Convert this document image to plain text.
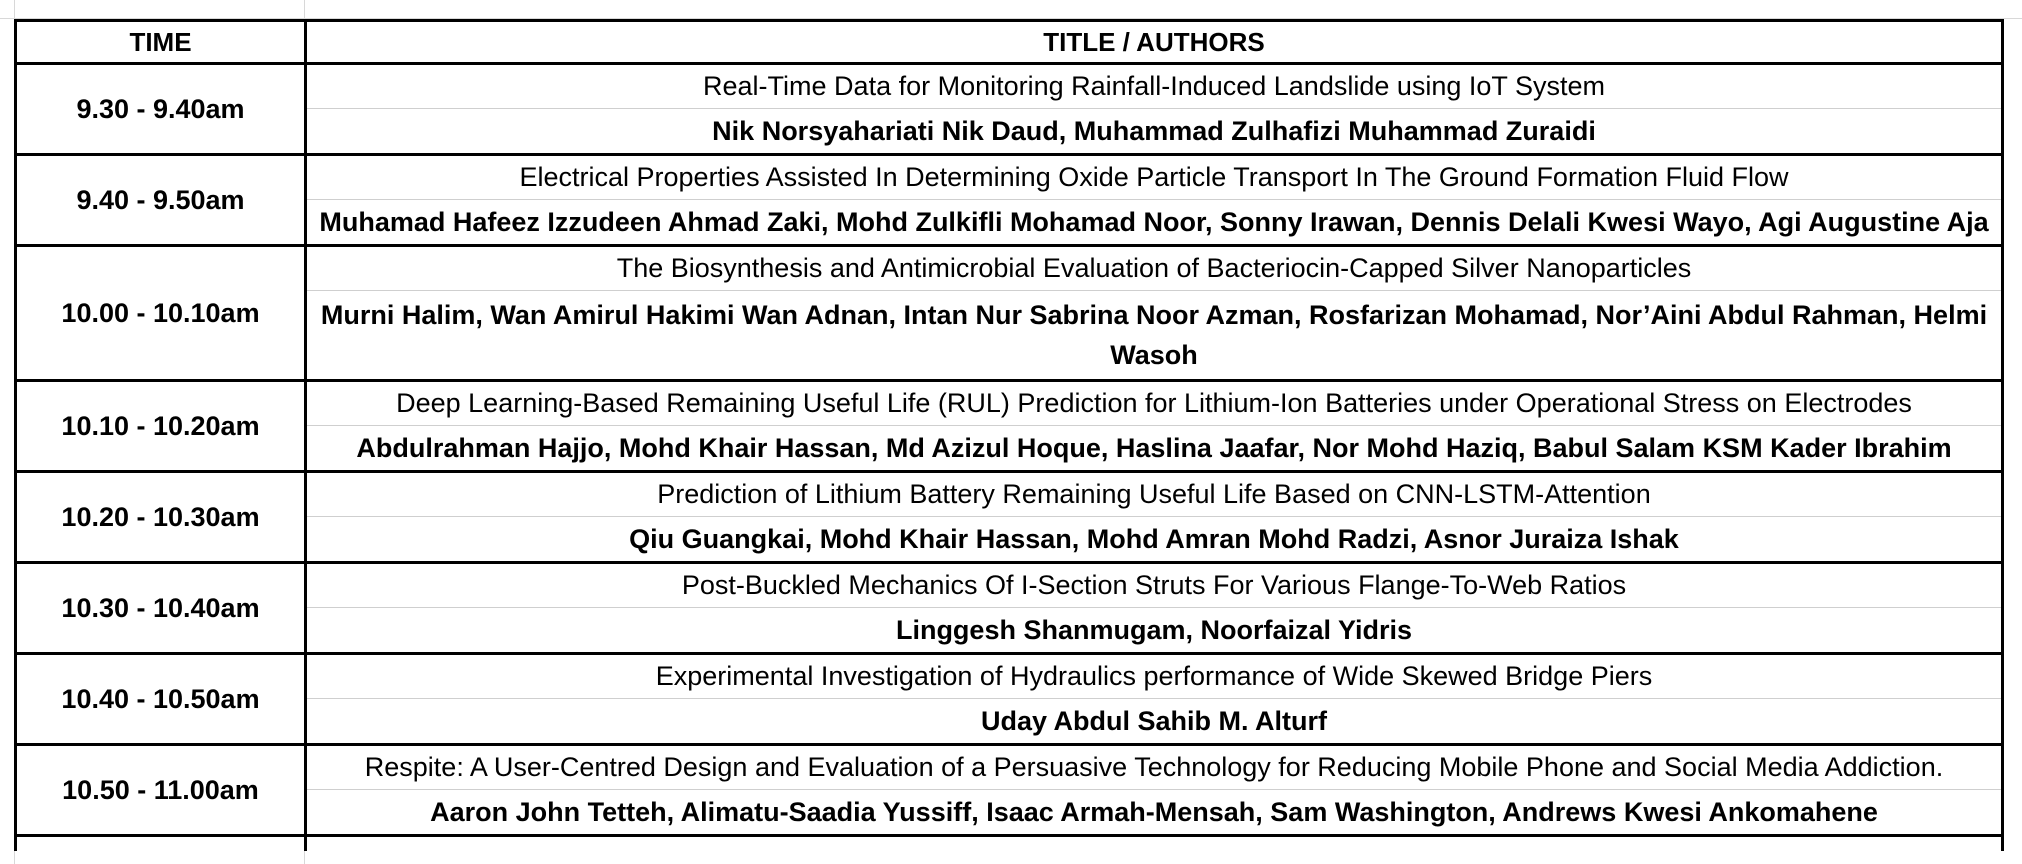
TIME	TITLE / AUTHORS
9.30 - 9.40am	Real-Time Data for Monitoring Rainfall-Induced Landslide using IoT System
	Nik Norsyahariati Nik Daud, Muhammad Zulhafizi Muhammad Zuraidi
9.40 - 9.50am	Electrical Properties Assisted In Determining Oxide Particle Transport In The Ground Formation Fluid Flow
	Muhamad Hafeez Izzudeen Ahmad Zaki, Mohd Zulkifli Mohamad Noor, Sonny Irawan, Dennis Delali Kwesi Wayo, Agi Augustine Aja
10.00 - 10.10am	The Biosynthesis and Antimicrobial Evaluation of Bacteriocin-Capped Silver Nanoparticles
	Murni Halim, Wan Amirul Hakimi Wan Adnan, Intan Nur Sabrina Noor Azman, Rosfarizan Mohamad, Nor’Aini Abdul Rahman, Helmi Wasoh
10.10 - 10.20am	Deep Learning-Based Remaining Useful Life (RUL) Prediction for Lithium-Ion Batteries under Operational Stress on Electrodes
	Abdulrahman Hajjo, Mohd Khair Hassan, Md Azizul Hoque, Haslina Jaafar, Nor Mohd Haziq, Babul Salam KSM Kader Ibrahim
10.20 - 10.30am	Prediction of Lithium Battery Remaining Useful Life Based on CNN-LSTM-Attention
	Qiu Guangkai, Mohd Khair Hassan, Mohd Amran Mohd Radzi, Asnor Juraiza Ishak
10.30 - 10.40am	Post-Buckled Mechanics Of I-Section Struts For Various Flange-To-Web Ratios
	Linggesh Shanmugam, Noorfaizal Yidris
10.40 - 10.50am	Experimental Investigation of Hydraulics performance of Wide Skewed Bridge Piers
	Uday Abdul Sahib M. Alturf
10.50 - 11.00am	Respite: A User-Centred Design and Evaluation of a Persuasive Technology for Reducing Mobile Phone and Social Media Addiction.
	Aaron John Tetteh, Alimatu-Saadia Yussiff, Isaac Armah-Mensah, Sam Washington, Andrews Kwesi Ankomahene
